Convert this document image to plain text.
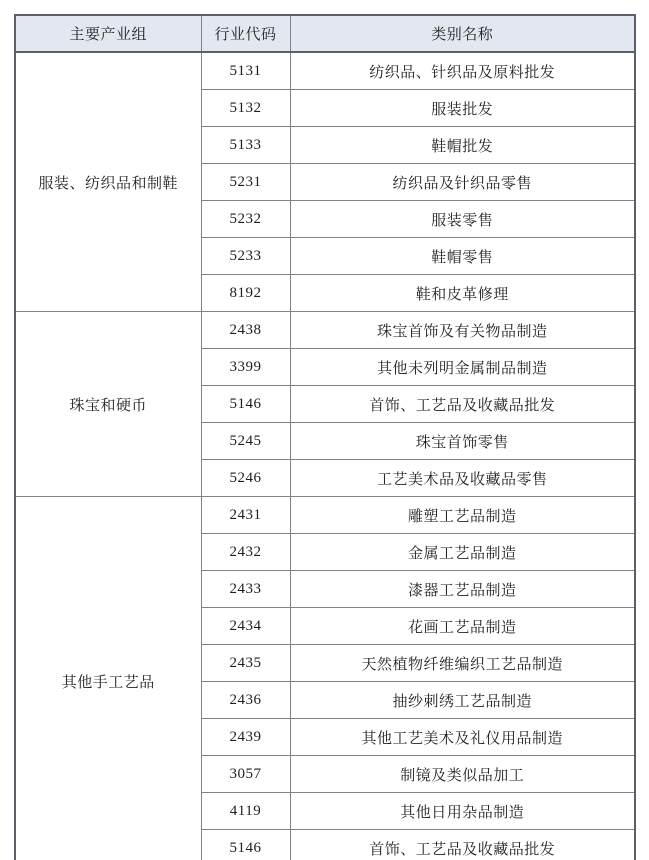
主要产业组	行业代码	类别名称
服装、纺织品和制鞋	5131	纺织品、针织品及原料批发
	5132	服装批发
	5133	鞋帽批发
	5231	纺织品及针织品零售
	5232	服装零售
	5233	鞋帽零售
	8192	鞋和皮革修理
珠宝和硬币	2438	珠宝首饰及有关物品制造
	3399	其他未列明金属制品制造
	5146	首饰、工艺品及收藏品批发
	5245	珠宝首饰零售
	5246	工艺美术品及收藏品零售
其他手工艺品	2431	雕塑工艺品制造
	2432	金属工艺品制造
	2433	漆器工艺品制造
	2434	花画工艺品制造
	2435	天然植物纤维编织工艺品制造
	2436	抽纱刺绣工艺品制造
	2439	其他工艺美术及礼仪用品制造
	3057	制镜及类似品加工
	4119	其他日用杂品制造
	5146	首饰、工艺品及收藏品批发
